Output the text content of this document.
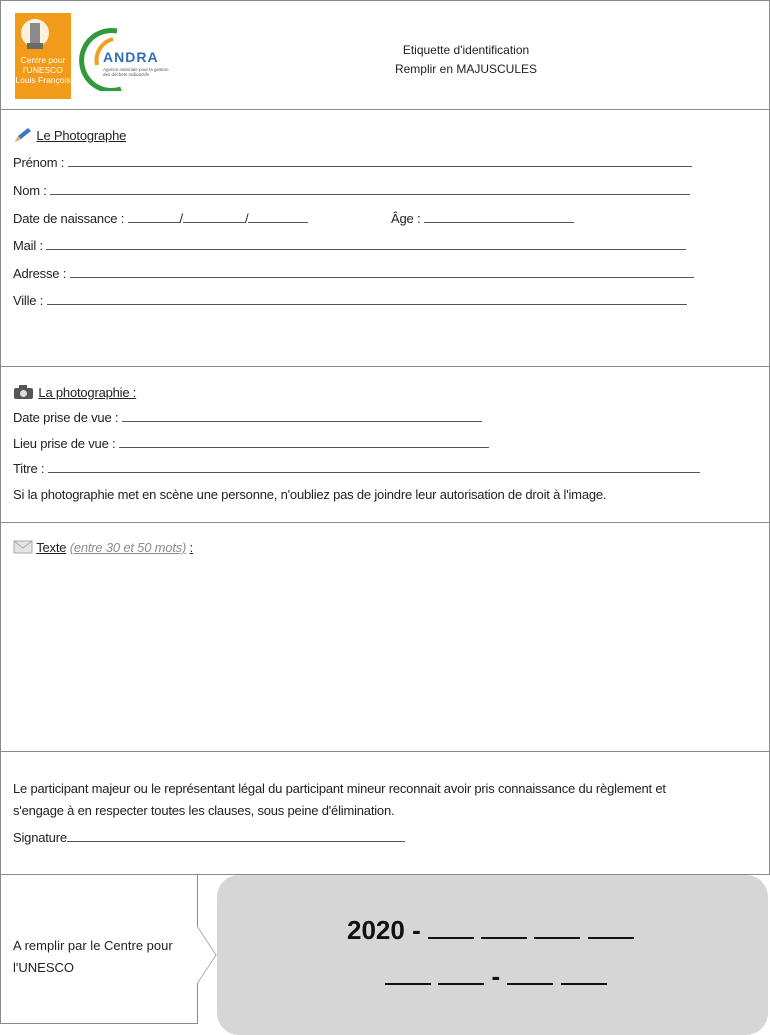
Centre pour
l'UNESCO
Louis François
ANDRA
Agence nationale pour la gestion des déchets radioactifs
Etiquette d'identification
Remplir en MAJUSCULES
Le Photographe
Prénom :
Nom :
Date de naissance :	/	/	Âge :
Mail :
Adresse :
Ville :
La photographie :
Date prise de vue :
Lieu prise de vue :
Titre :
Si la photographie met en scène une personne, n'oubliez pas de joindre leur autorisation de droit à l'image.
Texte (entre 30 et 50 mots) :
Le participant majeur ou le représentant légal du participant mineur reconnait avoir pris connaissance du règlement et
s'engage à en respecter toutes les clauses, sous peine d'élimination.
Signature
A remplir par le Centre pour l'UNESCO
2020 -
-
